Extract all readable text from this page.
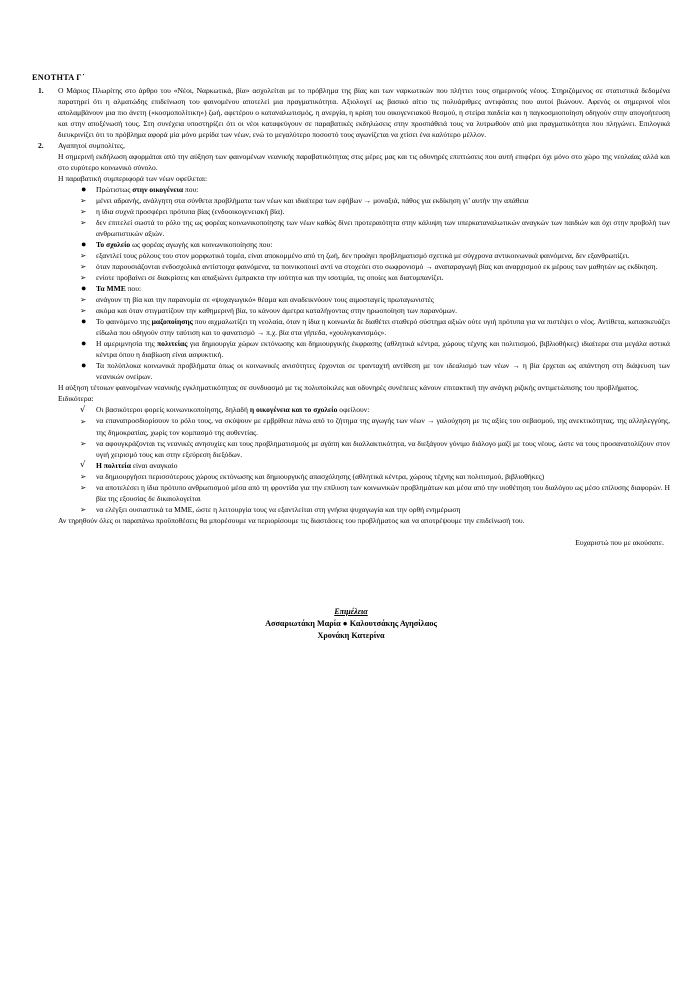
ΕΝΟΤΗΤΑ Γ΄
1. Ο Μάριος Πλωρίτης στο άρθρο του «Νέοι, Ναρκωτικά, βία» ασχολείται με το πρόβλημα της βίας και των ναρκωτικών που πλήττει τους σημερινούς νέους. Στηριζόμενος σε στατιστικά δεδομένα παρατηρεί ότι η αλματώδης επιδείνωση του φαινομένου αποτελεί μια πραγματικότητα. Αξιολογεί ως βασικό αίτιο τις πολυάριθμες αντιφάσεις που αυτοί βιώνουν. Αφενός οι σημερινοί νέοι απολαμβάνουν μια πιο άνετη («κοσμοπολίτικη») ζωή, αφετέρου ο καταναλωτισμός, η ανεργία, η κρίση του οικογενειακού θεσμού, η στείρα παιδεία και η παγκοσμιοποίηση οδηγούν στην απογοήτευση και στην αποξένωσή τους. Στη συνέχεια υποστηρίζει ότι οι νέοι καταφεύγουν σε παραβατικές εκδηλώσεις στην προσπάθειά τους να λυτρωθούν από μια πραγματικότητα που πληγώνει. Επιλογικά διευκρινίζει ότι το πρόβλημα αφορά μία μόνο μερίδα των νέων, ενώ το μεγαλύτερο ποσοστό τους αγωνίζεται να χτίσει ένα καλύτερο μέλλον.

2. Αγαπητοί συμπολίτες,

Η σημερινή εκδήλωση αφορμάται από την αύξηση των φαινομένων νεανικής παραβατικότητας στις μέρες μας και τις οδυνηρές επιπτώσεις που αυτή επιφέρει όχι μόνο στο χώρο της νεολαίας αλλά και στο ευρύτερο κοινωνικό σύνολο.

Η παραβατική συμπεριφορά των νέων οφείλεται:

●	Πρώτιστως στην οικογένεια που:
➢	μένει αδρανής, ανάλγητη στα σύνθετα προβλήματα των νέων και ιδιαίτερα των εφήβων → μοναξιά, πάθος για εκδίκηση γι’ αυτήν την απάθεια
➢	η ίδια συχνά προσφέρει πρότυπα βίας (ενδοοικογενειακή βία).
➢	δεν επιτελεί σωστά το ρόλο της ως φορέας κοινωνικοποίησης των νέων καθώς δίνει προτεραιότητα στην κάλυψη των υπερκαταναλωτικών αναγκών των παιδιών και όχι στην προβολή των ανθρωπιστικών αξιών.
●	Το σχολείο ως φορέας αγωγής και κοινωνικοποίησης που:
➢	εξαντλεί τους ρόλους του στον μορφωτικό τομέα, είναι αποκομμένο από τη ζωή, δεν προάγει προβληματισμό σχετικά με σύγχρονα αντικοινωνικά φαινόμενα, δεν εξανθρωπίζει.
➢	όταν παρουσιάζονται ενδοσχολικά αντίστοιχα φαινόμενα, τα ποινικοποιεί αντί να στοχεύει στο σωφρονισμό → αναπαραγωγή βίας και αναρχισμού εκ μέρους των μαθητών ως εκδίκηση.
➢	ενίοτε προβαίνει σε διακρίσεις και απαξιώνει έμπρακτα την ισότητα και την ισοτιμία, τις οποίες και διατυμπανίζει.
●	Τα ΜΜΕ που:
➢	ανάγουν τη βία και την παρανομία σε «ψυχαγωγικό» θέαμα και αναδεικνύουν τους αιμοσταγείς πρωταγωνιστές
➢	ακόμα και όταν στιγματίζουν την καθημερινή βία, το κάνουν άμετρα καταλήγοντας στην ηρωοποίηση των παρανόμων.
●	Το φαινόμενο της μαζοποίησης που αιχμαλωτίζει τη νεολαία, όταν η ίδια η κοινωνία δε διαθέτει σταθερό σύστημα αξιών ούτε υγιή πρότυπα για να πιστέψει ο νέος. Αντίθετα, κατασκευάζει είδωλα που οδηγούν στην ταύτιση και το φανατισμό → π.χ. βία στα γήπεδα, «χουλιγκανισμός».
●	Η αμεριμνησία της πολιτείας για δημιουργία χώρων εκτόνωσης και δημιουργικής έκφρασης (αθλητικά κέντρα, χώρους τέχνης και πολιτισμού, βιβλιοθήκες) ιδιαίτερα στα μεγάλα αστικά κέντρα όπου η διαβίωση είναι ασφυκτική.
●	Τα πολύπλοκα κοινωνικά προβλήματα όπως οι κοινωνικές ανισότητες έρχονται σε τρανταχτή αντίθεση με τον ιδεαλισμό των νέων → η βία έρχεται ως απάντηση στη διάψευση των νεανικών ονείρων.

Η αύξηση τέτοιων φαινομένων νεανικής εγκληματικότητας σε συνδυασμό με τις πολυποίκιλες και οδυνηρές συνέπειες κάνουν επιτακτική την ανάγκη ριζικής αντιμετώπισης του προβλήματος.

Ειδικότερα:

√	Οι βασικότεροι φορείς κοινωνικοποίησης, δηλαδή η οικογένεια και το σχολείο οφείλουν:
➢	να επαναπροσδιορίσουν το ρόλο τους, να σκύψουν με εμβρίθεια πάνω από το ζήτημα της αγωγής των νέων → γαλούχηση με τις αξίες του σεβασμού, της ανεκτικότητας, της αλληλεγγύης, της δημοκρατίας, χωρίς τον κομπασμό της αυθεντίας.
➢	να αφουγκράζονται τις νεανικές ανησυχίες και τους προβληματισμούς με αγάπη και διαλλακτικότητα, να διεξάγουν γόνιμο διάλογο μαζί με τους νέους, ώστε να τους προσανατολίζουν στον υγιή χειρισμό τους και στην εξεύρεση διεξόδων.
√	Η πολιτεία είναι αναγκαίο
➢	να δημιουργήσει περισσότερους χώρους εκτόνωσης και δημιουργικής απασχόλησης (αθλητικά κέντρα, χώρους τέχνης και πολιτισμού, βιβλιοθήκες)
➢	να αποτελέσει η ίδια πρότυπο ανθρωπισμού μέσα από τη φροντίδα για την επίλυση των κοινωνικών προβλημάτων και μέσα από την υιοθέτηση του διαλόγου ως μέσο επίλυσης διαφορών. Η βία της εξουσίας δε δικαιολογείται
➢	να ελέγξει ουσιαστικά τα ΜΜΕ, ώστε η λειτουργία τους να εξαντλείται στη γνήσια ψυχαγωγία και την ορθή ενημέρωση

Αν τηρηθούν όλες οι παραπάνω προϋποθέσεις θα μπορέσουμε να περιορίσουμε τις διαστάσεις του προβλήματος και να αποτρέψουμε την επιδείνωσή του.

Ευχαριστώ που με ακούσατε.

Επιμέλεια
Ασσαριωτάκη Μαρία ● Καλουτσάκης Αγησίλαος
Χρονάκη Κατερίνα
